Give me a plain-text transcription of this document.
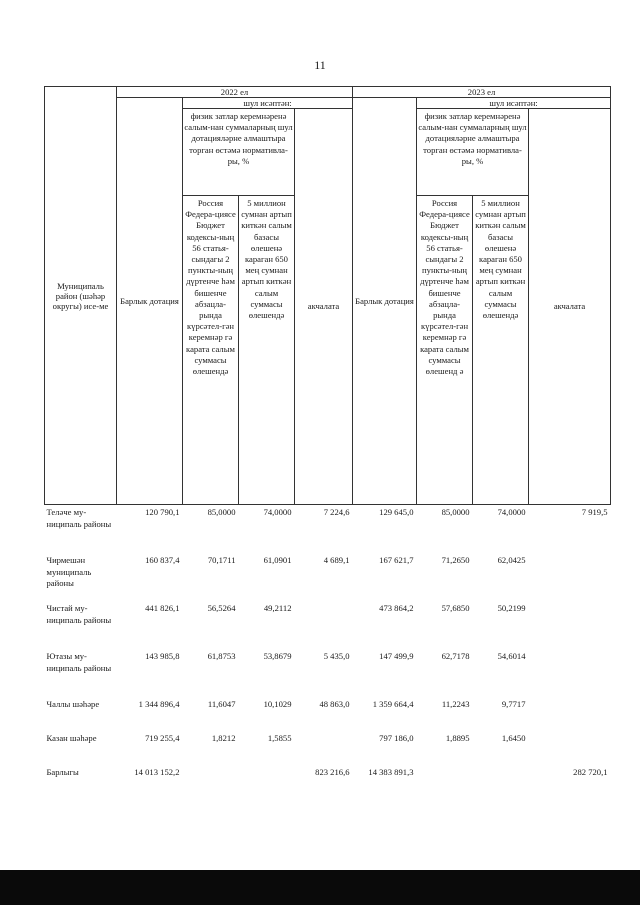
11
Муниципаль район (шәһәр округы) исе-ме	2022 ел				2023 ел			
	Барлык дотация	шул исәптән:			Барлык дотация	шул исәптән:		
		физик затлар керемнәренә салым-нан суммаларның шул дотацияләрне алмаштыра торган өстәмә нормативла-ры, %		акчалата		физик затлар керемнәренә салым-нан суммаларның шул дотацияләрне алмаштыра торган өстәмә нормативла-ры, %		акчалата
		Россия Федера-циясе Бюджет кодексы-ның 56 статья-сындагы 2 пункты-ның дүртенче һәм бишенче абзацла-рында күрсәтел-гән керемнәр гә карата салым суммасы өлешендә	5 миллион сумнан артып киткән салым базасы өлешенә караган 650 мең сумнан артып киткән салым суммасы өлешендә			Россия Федера-циясе Бюджет кодексы-ның 56 статья-сындагы 2 пункты-ның дүртенче һәм бишенче абзацла-рында күрсәтел-гән керемнәр гә карата салым суммасы өлешенд ә	5 миллион сумнан артып киткән салым базасы өлешенә караган 650 мең сумнан артып киткән салым суммасы өлешендә	
Теләче му-ниципаль районы	120 790,1	85,0000	74,0000	7 224,6	129 645,0	85,0000	74,0000	7 919,5
Чирмешән муниципаль районы	160 837,4	70,1711	61,0901	4 689,1	167 621,7	71,2650	62,0425	
Чистай му-ниципаль районы	441 826,1	56,5264	49,2112		473 864,2	57,6850	50,2199	
Ютазы му-ниципаль районы	143 985,8	61,8753	53,8679	5 435,0	147 499,9	62,7178	54,6014	
Чаллы шәһәре	1 344 896,4	11,6047	10,1029	48 863,0	1 359 664,4	11,2243	9,7717	
Казан шәһәре	719 255,4	1,8212	1,5855		797 186,0	1,8895	1,6450	
Барлыгы	14 013 152,2			823 216,6	14 383 891,3			282 720,1
